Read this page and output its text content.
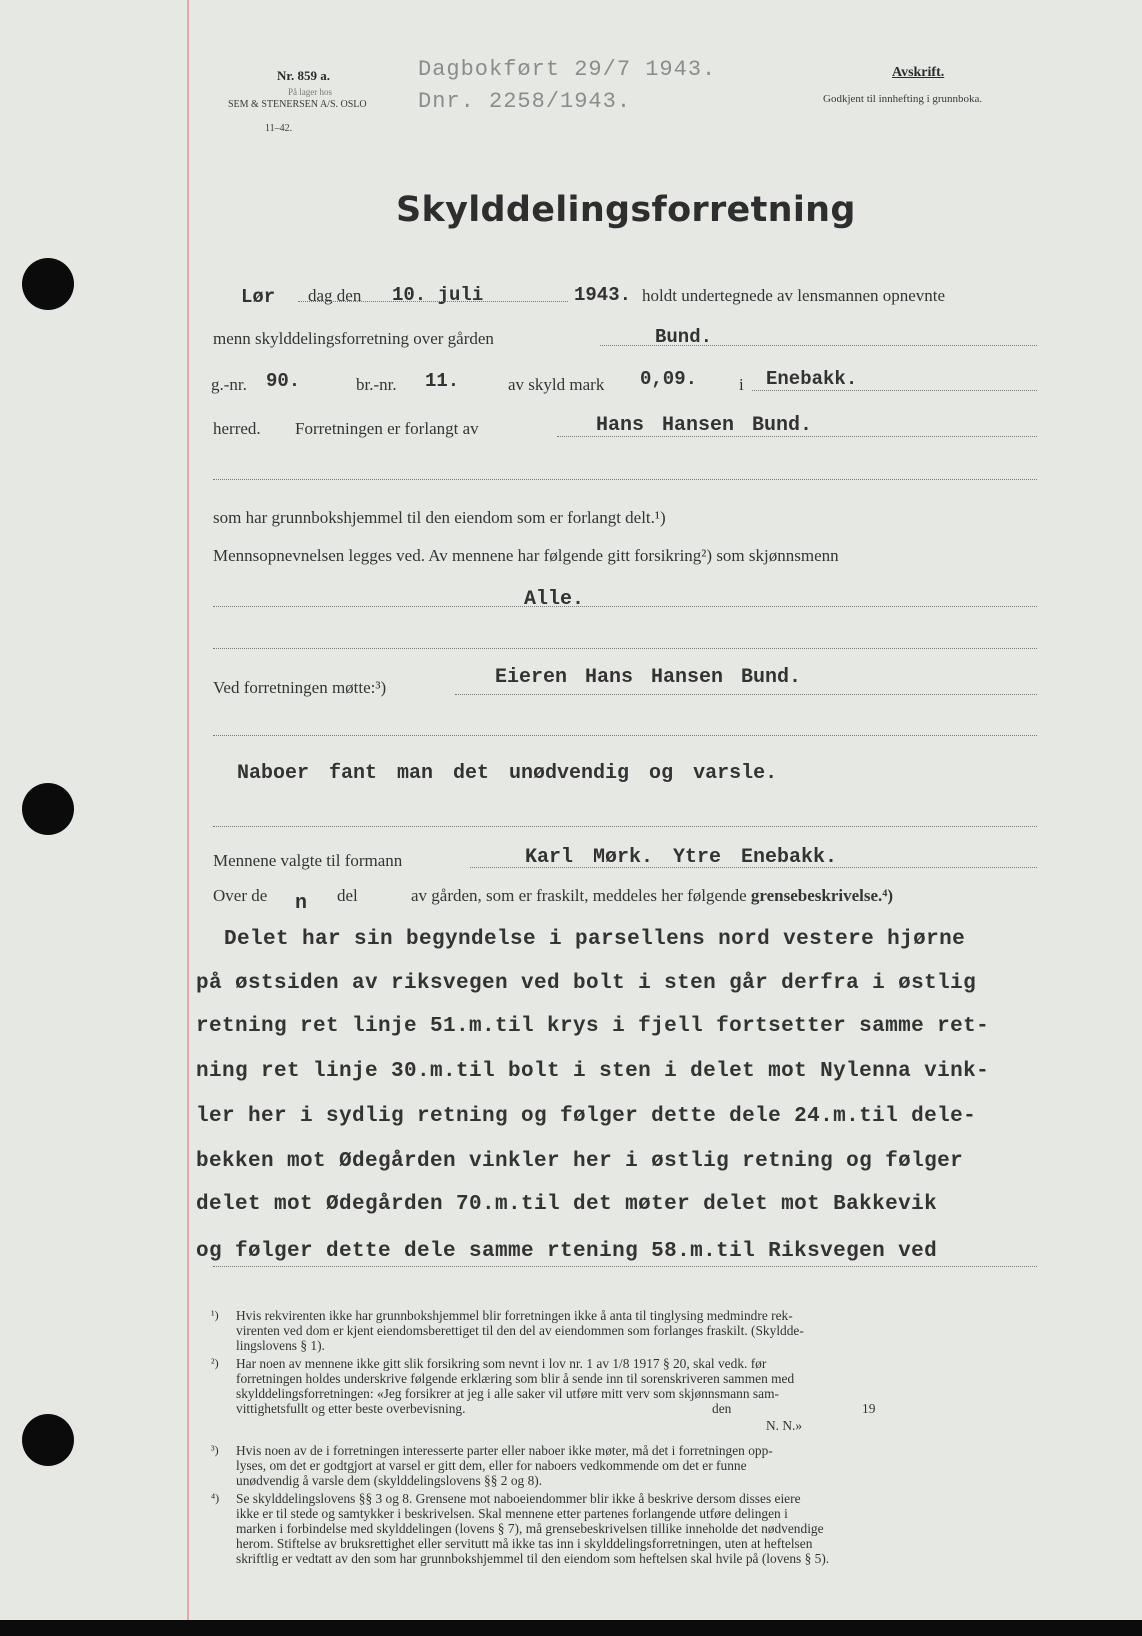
Nr. 859 a.
På lager hos
SEM & STENERSEN A/S. OSLO
11–42.
Dagbokført 29/7 1943.
Dnr. 2258/1943.
Avskrift.
Godkjent til innhefting i grunnboka.
Skylddelingsforretning
Lør dag den 10. juli	1943. holdt undertegnede av lensmannen opnevnte
menn skylddelingsforretning over gården	Bund.
g.-nr. 90.	br.-nr. 11.	av skyld mark 0,09. i Enebakk.
herred. Forretningen er forlangt av	Hans Hansen Bund.
som har grunnbokshjemmel til den eiendom som er forlangt delt.¹)
Mennsopnevnelsen legges ved. Av mennene har følgende gitt forsikring²) som skjønnsmenn
Alle.
Ved forretningen møtte:³)	Eieren Hans Hansen Bund.
Naboer fant man det unødvendig og varsle.
Mennene valgte til formann	Karl Mørk. Ytre Enebakk.
Over de n del	av gården, som er fraskilt, meddeles her følgende grensebeskrivelse.⁴)
Delet har sin begyndelse i parsellens nord vestere hjørne
på østsiden av riksvegen ved bolt i sten går derfra i østlig
retning ret linje 51.m.til krys i fjell fortsetter samme ret-
ning ret linje 30.m.til bolt i sten i delet mot Nylenna vink-
ler her i sydlig retning og følger dette dele 24.m.til dele-
bekken mot Ødegården vinkler her i østlig retning og følger
delet mot Ødegården 70.m.til det møter delet mot Bakkevik
og følger dette dele samme rtening 58.m.til Riksvegen ved
¹) Hvis rekvirenten ikke har grunnbokshjemmel blir forretningen ikke å anta til tinglysing medmindre rek-
virenten ved dom er kjent eiendomsberettiget til den del av eiendommen som forlanges fraskilt. (Skyldde-
lingslovens § 1).
²) Har noen av mennene ikke gitt slik forsikring som nevnt i lov nr. 1 av 1/8 1917 § 20, skal vedk. før
forretningen holdes underskrive følgende erklæring som blir å sende inn til sorenskriveren sammen med
skylddelingsforretningen: «Jeg forsikrer at jeg i alle saker vil utføre mitt verv som skjønnsmann sam-
vittighetsfullt og etter beste overbevisning.	den	19
N. N.»
³) Hvis noen av de i forretningen interesserte parter eller naboer ikke møter, må det i forretningen opp-
lyses, om det er godtgjort at varsel er gitt dem, eller for naboers vedkommende om det er funne
unødvendig å varsle dem (skylddelingslovens §§ 2 og 8).
⁴) Se skylddelingslovens §§ 3 og 8. Grensene mot naboeiendommer blir ikke å beskrive dersom disses eiere
ikke er til stede og samtykker i beskrivelsen. Skal mennene etter partenes forlangende utføre delingen i
marken i forbindelse med skylddelingen (lovens § 7), må grensebeskrivelsen tillike inneholde det nødvendige
herom. Stiftelse av bruksrettighet eller servitutt må ikke tas inn i skylddelingsforretningen, uten at heftelsen
skriftlig er vedtatt av den som har grunnbokshjemmel til den eiendom som heftelsen skal hvile på (lovens § 5).
